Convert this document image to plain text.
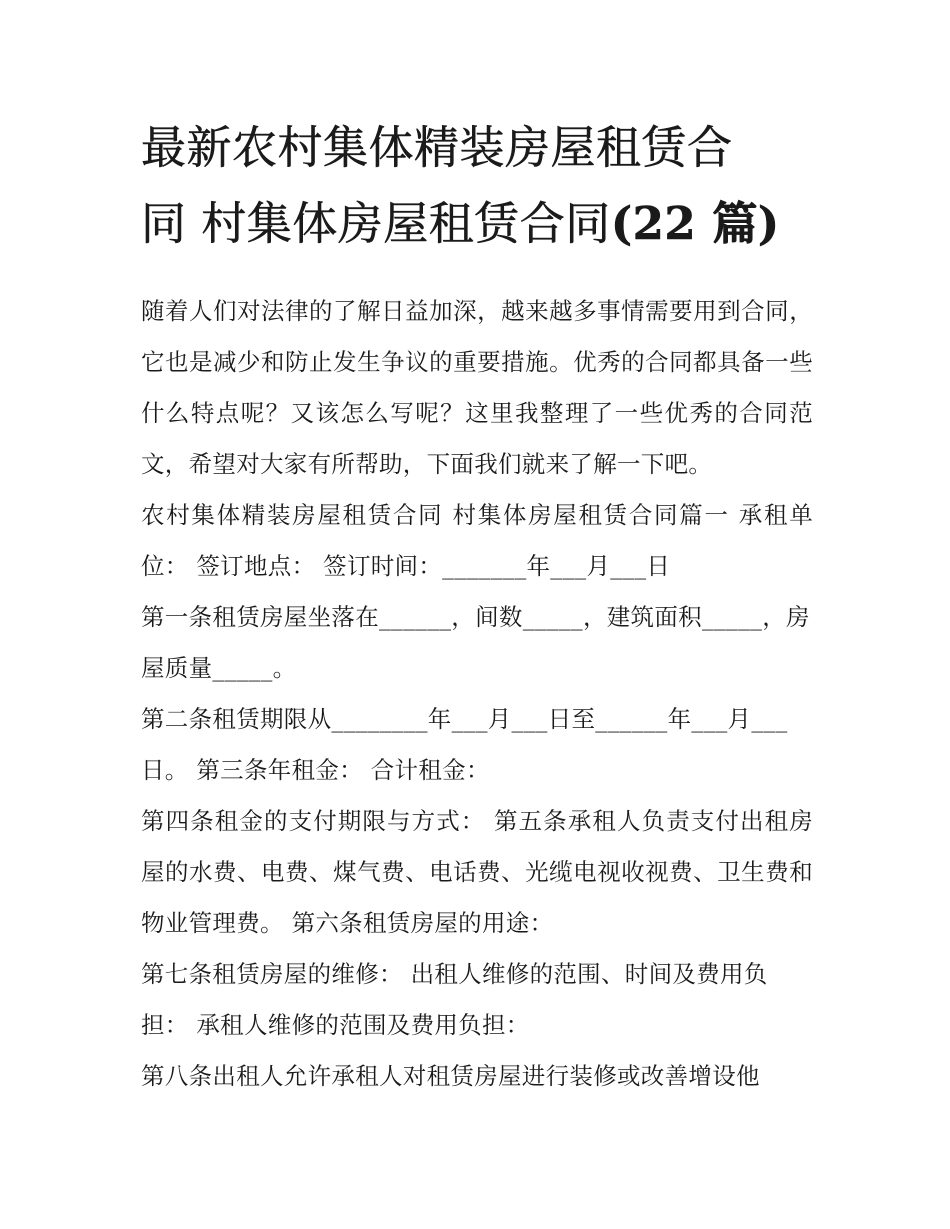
最新农村集体精装房屋租赁合
同 村集体房屋租赁合同(22 篇)

随着人们对法律的了解日益加深，越来越多事情需要用到合同，它也是减少和防止发生争议的重要措施。优秀的合同都具备一些什么特点呢？又该怎么写呢？这里我整理了一些优秀的合同范文，希望对大家有所帮助，下面我们就来了解一下吧。

农村集体精装房屋租赁合同 村集体房屋租赁合同篇一 承租单位： 签订地点： 签订时间：_______年___月___日

第一条租赁房屋坐落在______，间数_____，建筑面积_____，房屋质量_____。

第二条租赁期限从________年___月___日至______年___月___日。 第三条年租金： 合计租金：

第四条租金的支付期限与方式： 第五条承租人负责支付出租房屋的水费、电费、煤气费、电话费、光缆电视收视费、卫生费和物业管理费。 第六条租赁房屋的用途：

第七条租赁房屋的维修： 出租人维修的范围、时间及费用负担： 承租人维修的范围及费用负担：

第八条出租人允许承租人对租赁房屋进行装修或改善增设他
